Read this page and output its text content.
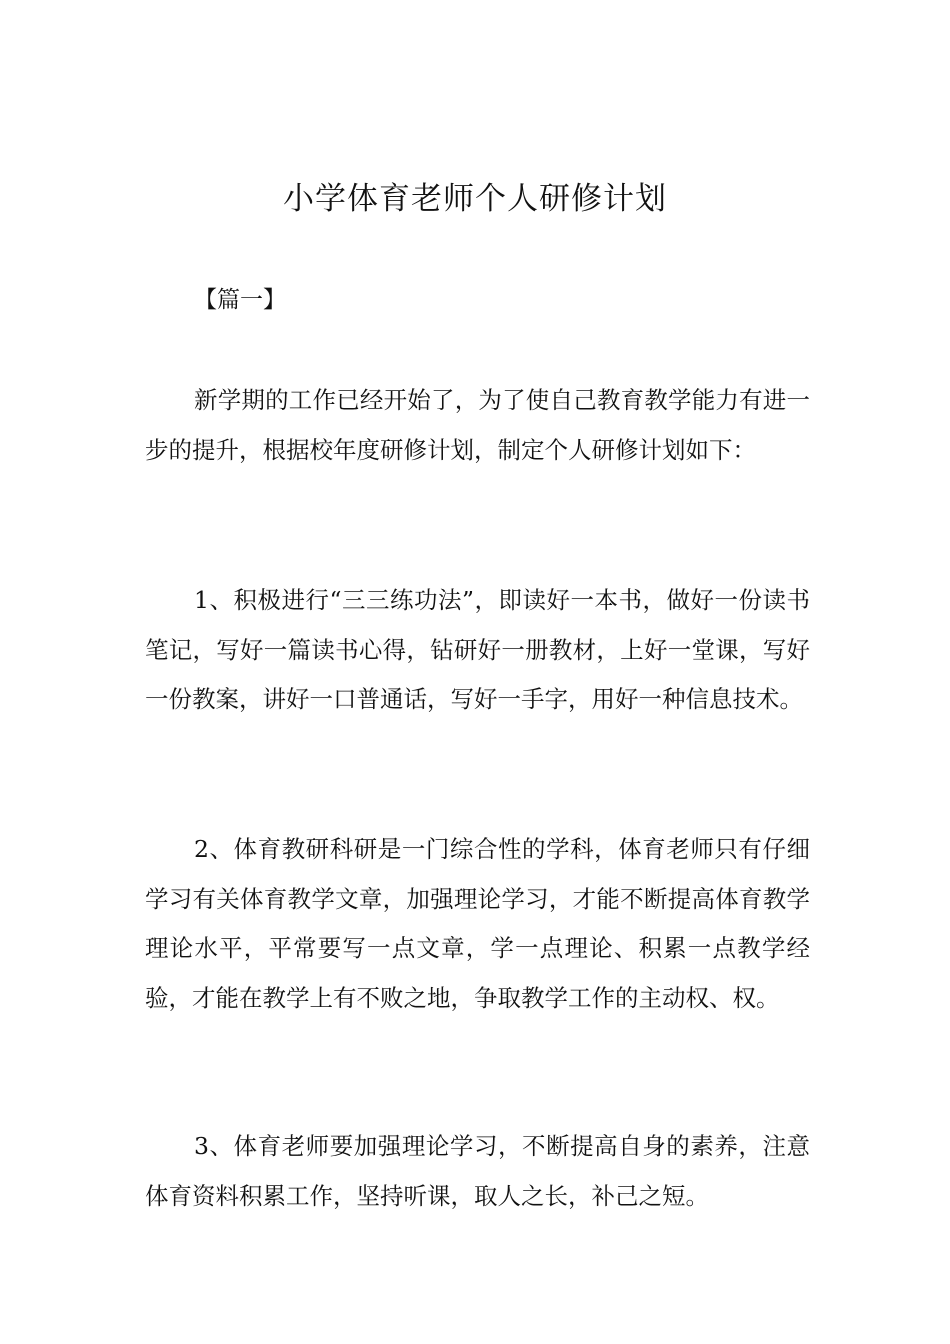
小学体育老师个人研修计划

【篇一】

新学期的工作已经开始了，为了使自己教育教学能力有进一步的提升，根据校年度研修计划，制定个人研修计划如下：

1、积极进行“三三练功法”，即读好一本书，做好一份读书笔记，写好一篇读书心得，钻研好一册教材，上好一堂课，写好一份教案，讲好一口普通话，写好一手字，用好一种信息技术。

2、体育教研科研是一门综合性的学科，体育老师只有仔细学习有关体育教学文章，加强理论学习，才能不断提高体育教学理论水平，平常要写一点文章，学一点理论、积累一点教学经验，才能在教学上有不败之地，争取教学工作的主动权、权。

3、体育老师要加强理论学习，不断提高自身的素养，注意体育资料积累工作，坚持听课，取人之长，补己之短。
